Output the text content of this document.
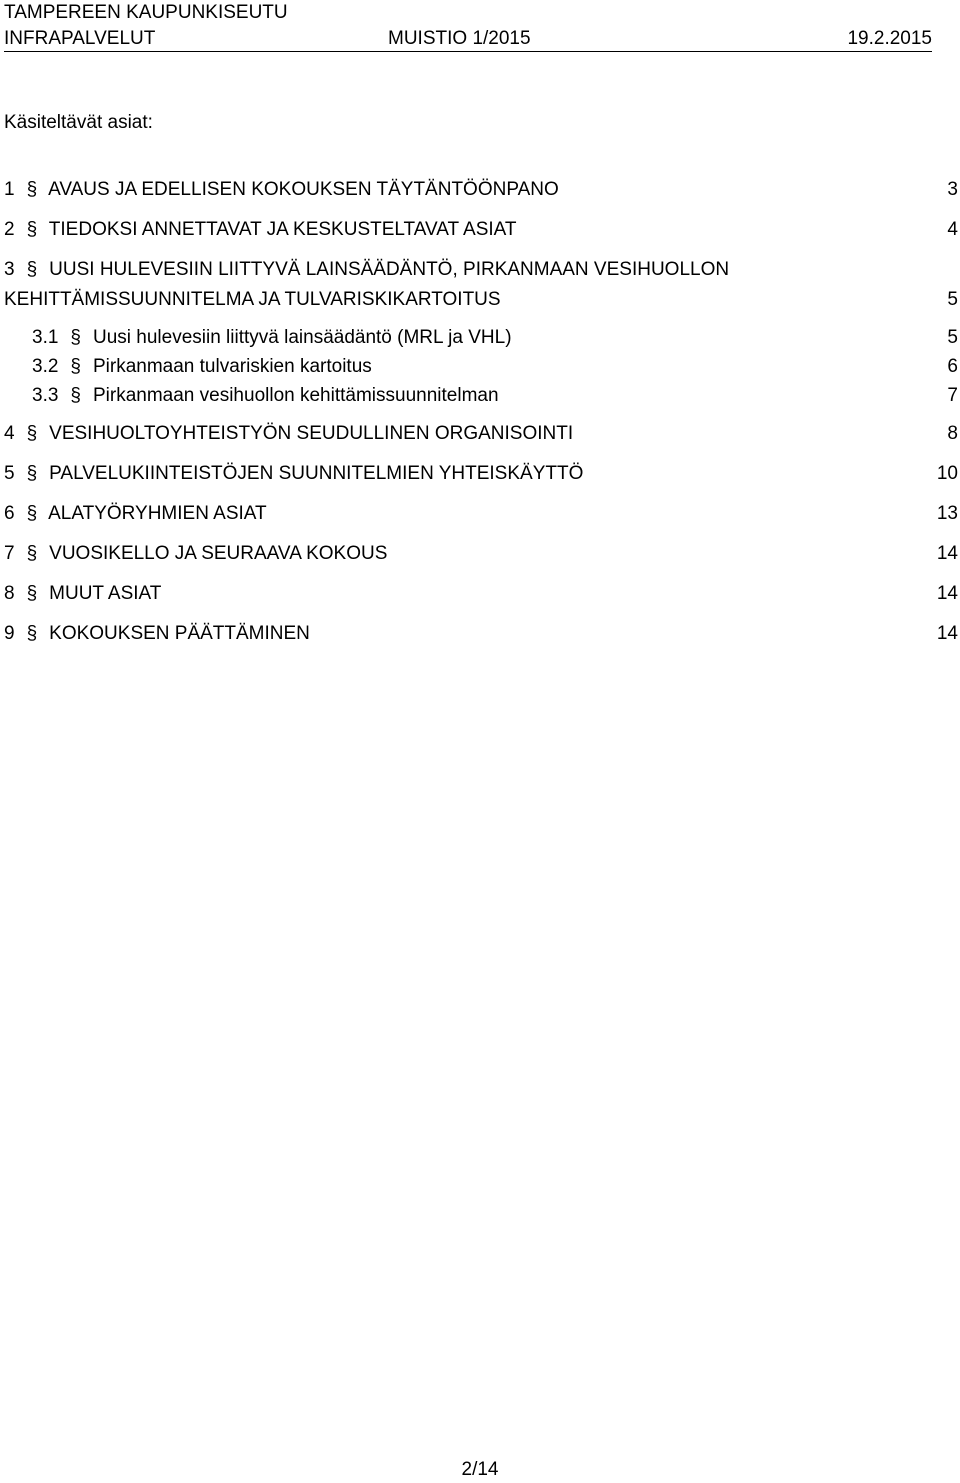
TAMPEREEN KAUPUNKISEUTU
INFRAPALVELUT	MUISTIO 1/2015	19.2.2015
Käsiteltävät asiat:
1 § AVAUS JA EDELLISEN KOKOUKSEN TÄYTÄNTÖÖNPANO	3
2 § TIEDOKSI ANNETTAVAT JA KESKUSTELTAVAT ASIAT	4
3 § UUSI HULEVESIIN LIITTYVÄ LAINSÄÄDÄNTÖ, PIRKANMAAN VESIHUOLLON
KEHITTÄMISSUUNNITELMA JA TULVARISKIKARTOITUS	5
3.1 § Uusi hulevesiin liittyvä lainsäädäntö (MRL ja VHL)	5
3.2 § Pirkanmaan tulvariskien kartoitus	6
3.3 § Pirkanmaan vesihuollon kehittämissuunnitelman	7
4 § VESIHUOLTOYHTEISTYÖN SEUDULLINEN ORGANISOINTI	8
5 § PALVELUKIINTEISTÖJEN SUUNNITELMIEN YHTEISKÄYTTÖ	10
6 § ALATYÖRYHMIEN ASIAT	13
7 § VUOSIKELLO JA SEURAAVA KOKOUS	14
8 § MUUT ASIAT	14
9 § KOKOUKSEN PÄÄTTÄMINEN	14
2/14
